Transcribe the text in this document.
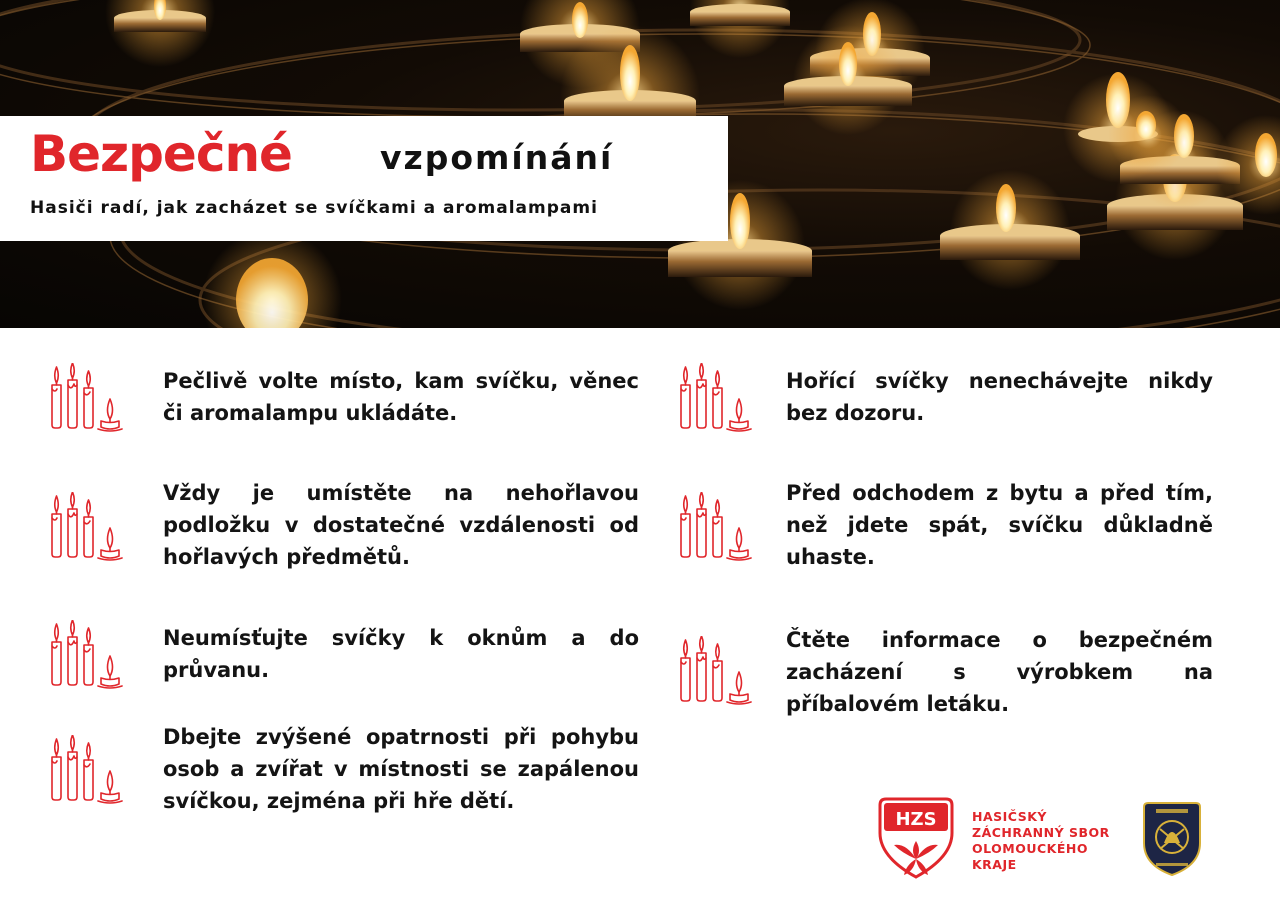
Bezpečné	vzpomínání
Hasiči radí, jak zacházet se svíčkami a aromalampami
Pečlivě volte místo, kam svíčku, věnec či aromalampu ukládáte.
Vždy je umístěte na nehořlavou podložku v dostatečné vzdálenosti od hořlavých předmětů.
Neumísťujte svíčky k oknům a do průvanu.
Dbejte zvýšené opatrnosti při pohybu osob a zvířat v místnosti se zapálenou svíčkou, zejména při hře dětí.
Hořící svíčky nenechávejte nikdy bez dozoru.
Před odchodem z bytu a před tím, než jdete spát, svíčku důkladně uhaste.
Čtěte informace o bezpečném zacházení s výrobkem na příbalovém letáku.
HZS	HASIČSKÝ
ZÁCHRANNÝ SBOR
OLOMOUCKÉHO
KRAJE
